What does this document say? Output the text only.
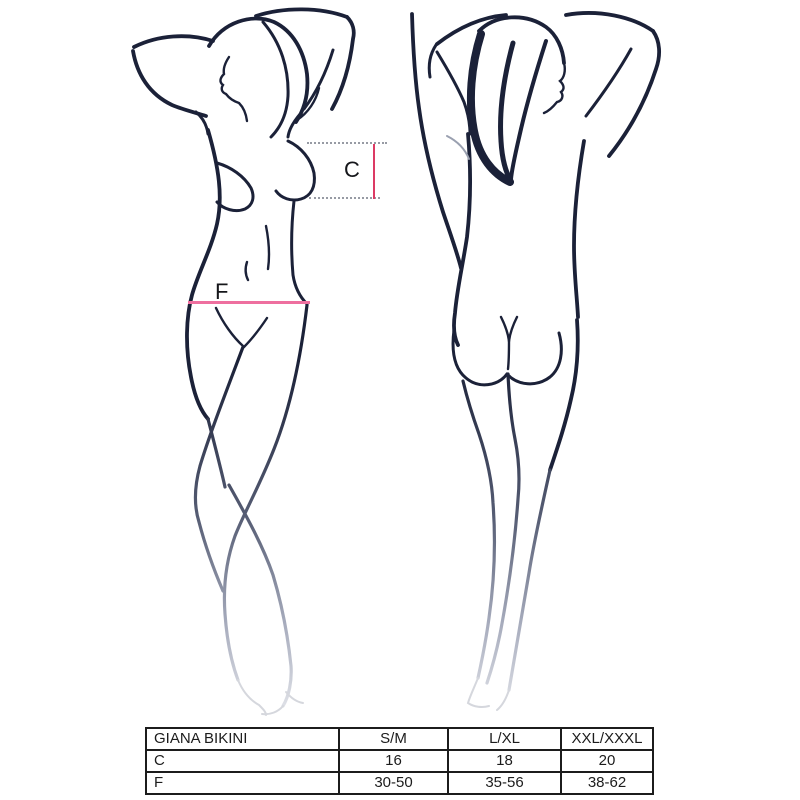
C
F
GIANA BIKINI	S/M	L/XL	XXL/XXXL
C	16	18	20
F	30-50	35-56	38-62
